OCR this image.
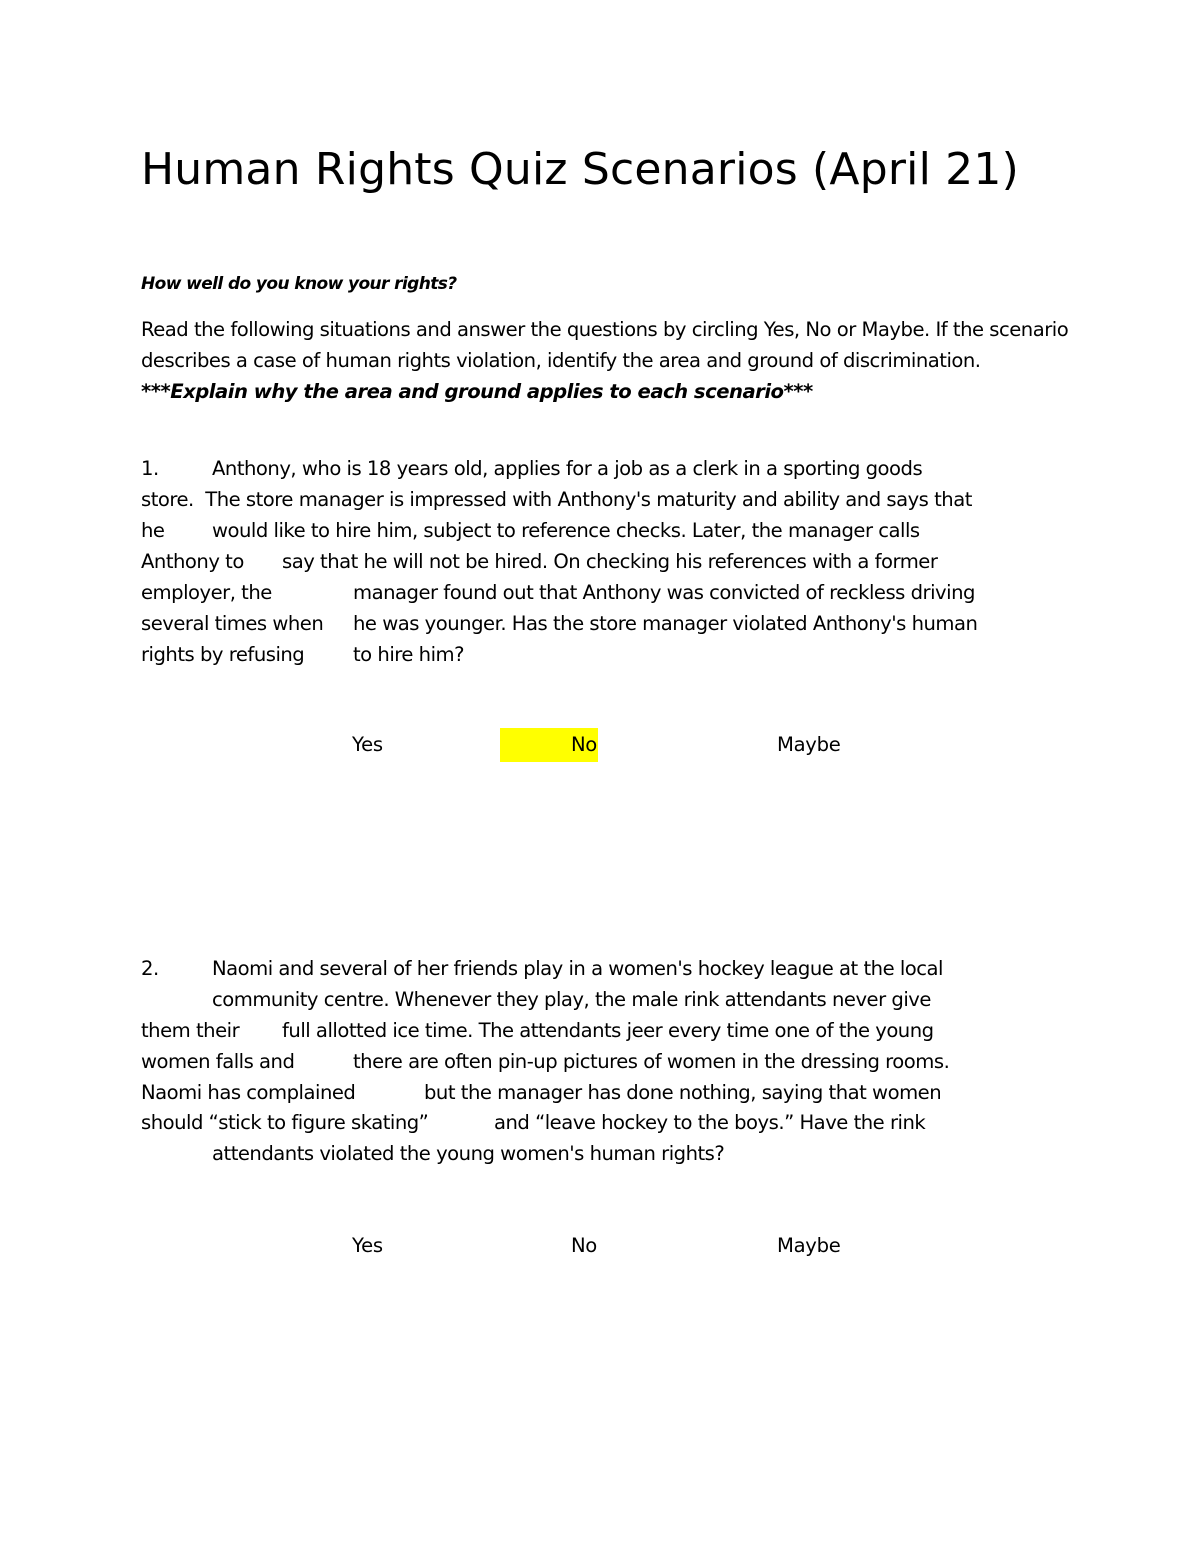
Human Rights Quiz Scenarios (April 21)

How well do you know your rights?

Read the following situations and answer the questions by circling Yes, No or Maybe. If the scenario describes a case of human rights violation, identify the area and ground of discrimination. ***Explain why the area and ground applies to each scenario***

1.

	Anthony, who is 18 years old, applies for a job as a clerk in a sporting goods

store.  The store manager is impressed with Anthony's maturity and ability and says that

he

would like to hire him, subject to reference checks. Later, the manager calls

Anthony to

say that he will not be hired. On checking his references with a former

employer, the

	manager found out that Anthony was convicted of reckless driving

several times when

he was younger. Has the store manager violated Anthony's human

rights by refusing

to hire him?

Yes	No	Maybe

2.

	Naomi and several of her friends play in a women's hockey league at the local

community centre. Whenever they play, the male rink attendants never give

them their

full allotted ice time. The attendants jeer every time one of the young

women falls and

	there are often pin-up pictures of women in the dressing rooms.

Naomi has complained

	but the manager has done nothing, saying that women

should “stick to figure skating”

	and “leave hockey to the boys.” Have the rink

attendants violated the young women's human rights?

Yes	No	Maybe
